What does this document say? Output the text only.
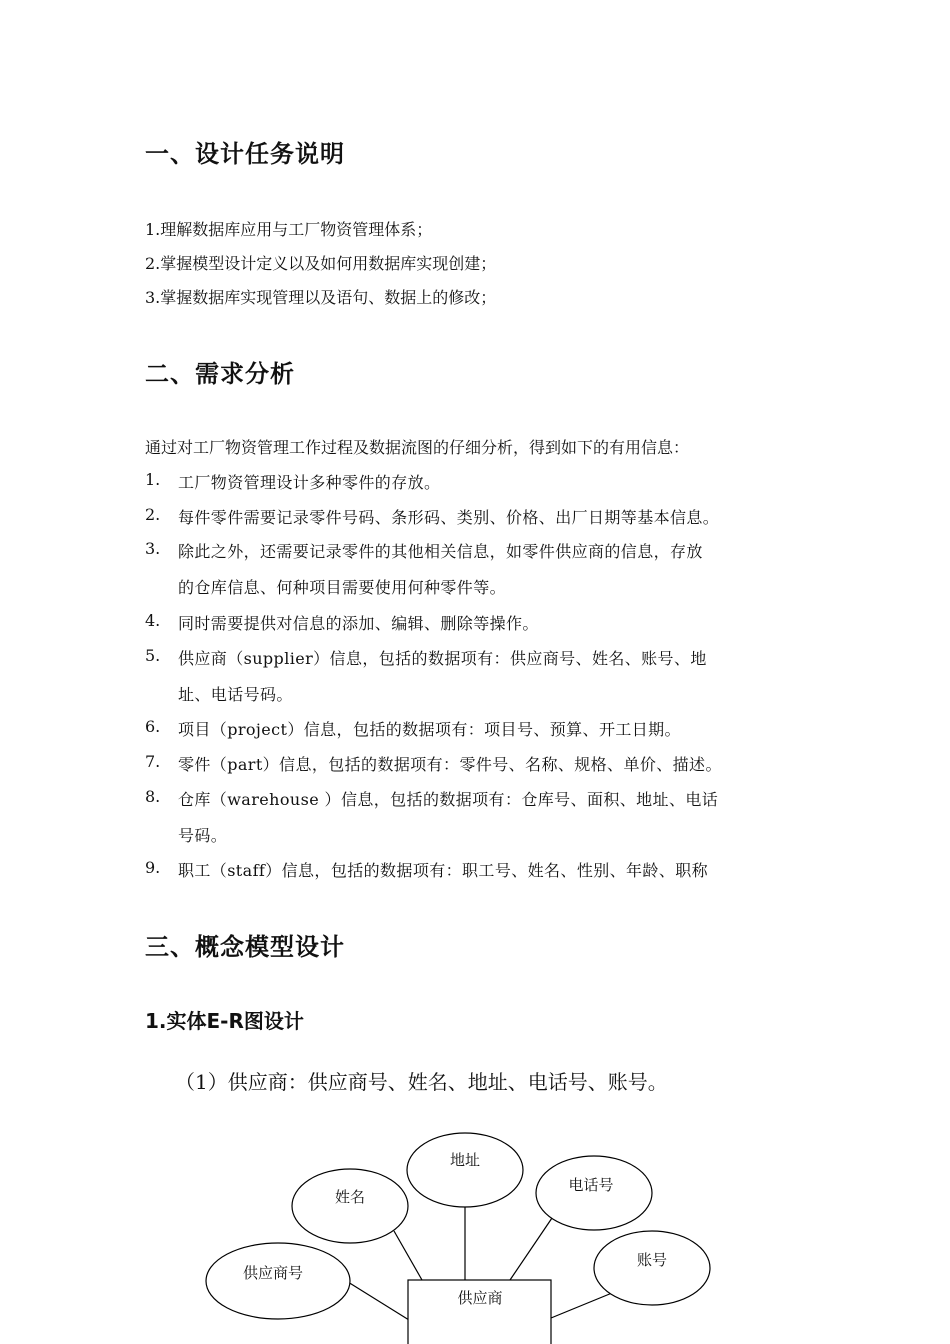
一、设计任务说明
1.理解数据库应用与工厂物资管理体系；
2.掌握模型设计定义以及如何用数据库实现创建；
3.掌握数据库实现管理以及语句、数据上的修改；
二、需求分析
通过对工厂物资管理工作过程及数据流图的仔细分析，得到如下的有用信息：
1. 工厂物资管理设计多种零件的存放。
2. 每件零件需要记录零件号码、条形码、类别、价格、出厂日期等基本信息。
3. 除此之外，还需要记录零件的其他相关信息，如零件供应商的信息，存放
的仓库信息、何种项目需要使用何种零件等。
4. 同时需要提供对信息的添加、编辑、删除等操作。
5. 供应商（supplier）信息，包括的数据项有：供应商号、姓名、账号、地
址、电话号码。
6. 项目（project）信息，包括的数据项有：项目号、预算、开工日期。
7. 零件（part）信息，包括的数据项有：零件号、名称、规格、单价、描述。
8. 仓库（warehouse ）信息，包括的数据项有：仓库号、面积、地址、电话
号码。
9. 职工（staff）信息，包括的数据项有：职工号、姓名、性别、年龄、职称
三、概念模型设计
1.实体E-R图设计
（1）供应商：供应商号、姓名、地址、电话号、账号。
姓名
地址
电话号
供应商号
账号
供应商
